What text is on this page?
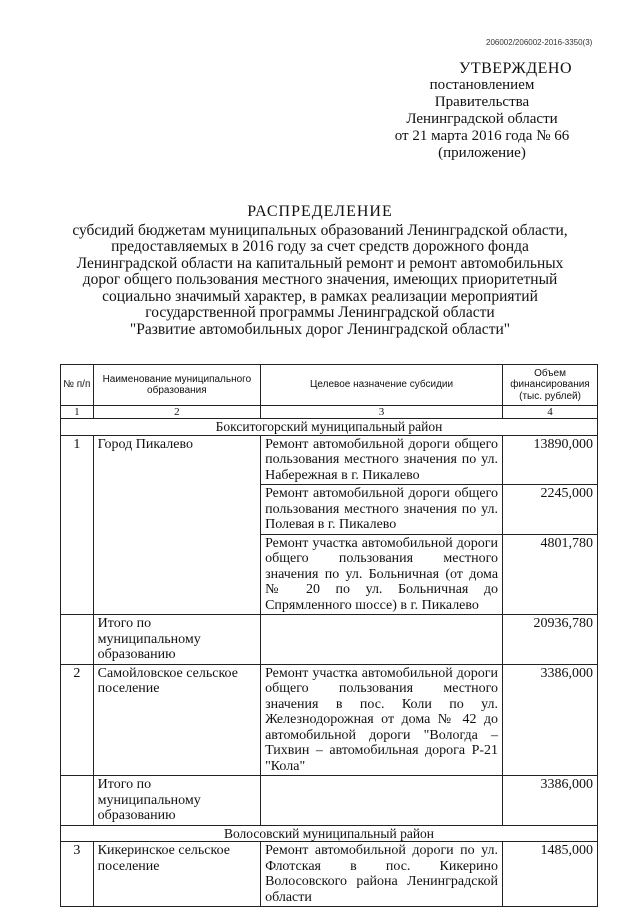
206002/206002-2016-3350(3)
УТВЕРЖДЕНО
постановлением Правительства
Ленинградской области
от 21 марта 2016 года № 66
(приложение)
РАСПРЕДЕЛЕНИЕ
субсидий бюджетам муниципальных образований Ленинградской области,
предоставляемых в 2016 году за счет средств дорожного фонда
Ленинградской области на капитальный ремонт и ремонт автомобильных
дорог общего пользования местного значения, имеющих приоритетный
социально значимый характер, в рамках реализации мероприятий
государственной программы Ленинградской области
"Развитие автомобильных дорог Ленинградской области"
№ п/п	Наименование муниципального образования	Целевое назначение субсидии	Объем финансирования (тыс. рублей)
1	2	3	4
Бокситогорский муниципальный район			
1	Город Пикалево	Ремонт автомобильной дороги общего пользования местного значения по ул. Набережная в г. Пикалево	13890,000
		Ремонт автомобильной дороги общего пользования местного значения по ул. Полевая в г. Пикалево	2245,000
		Ремонт участка автомобильной дороги общего пользования местного значения по ул. Больничная (от дома № 20 по ул. Больничная до Спрямленного шоссе) в г. Пикалево	4801,780
	Итого по муниципальному образованию		20936,780
2	Самойловское сельское поселение	Ремонт участка автомобильной дороги общего пользования местного значения в пос. Коли по ул. Железнодорожная от дома № 42 до автомобильной дороги "Вологда – Тихвин – автомобильная дорога Р-21 "Кола"	3386,000
	Итого по муниципальному образованию		3386,000
Волосовский муниципальный район			
3	Кикеринское сельское поселение	Ремонт автомобильной дороги по ул. Флотская в пос. Кикерино Волосовского района Ленинградской области	1485,000
